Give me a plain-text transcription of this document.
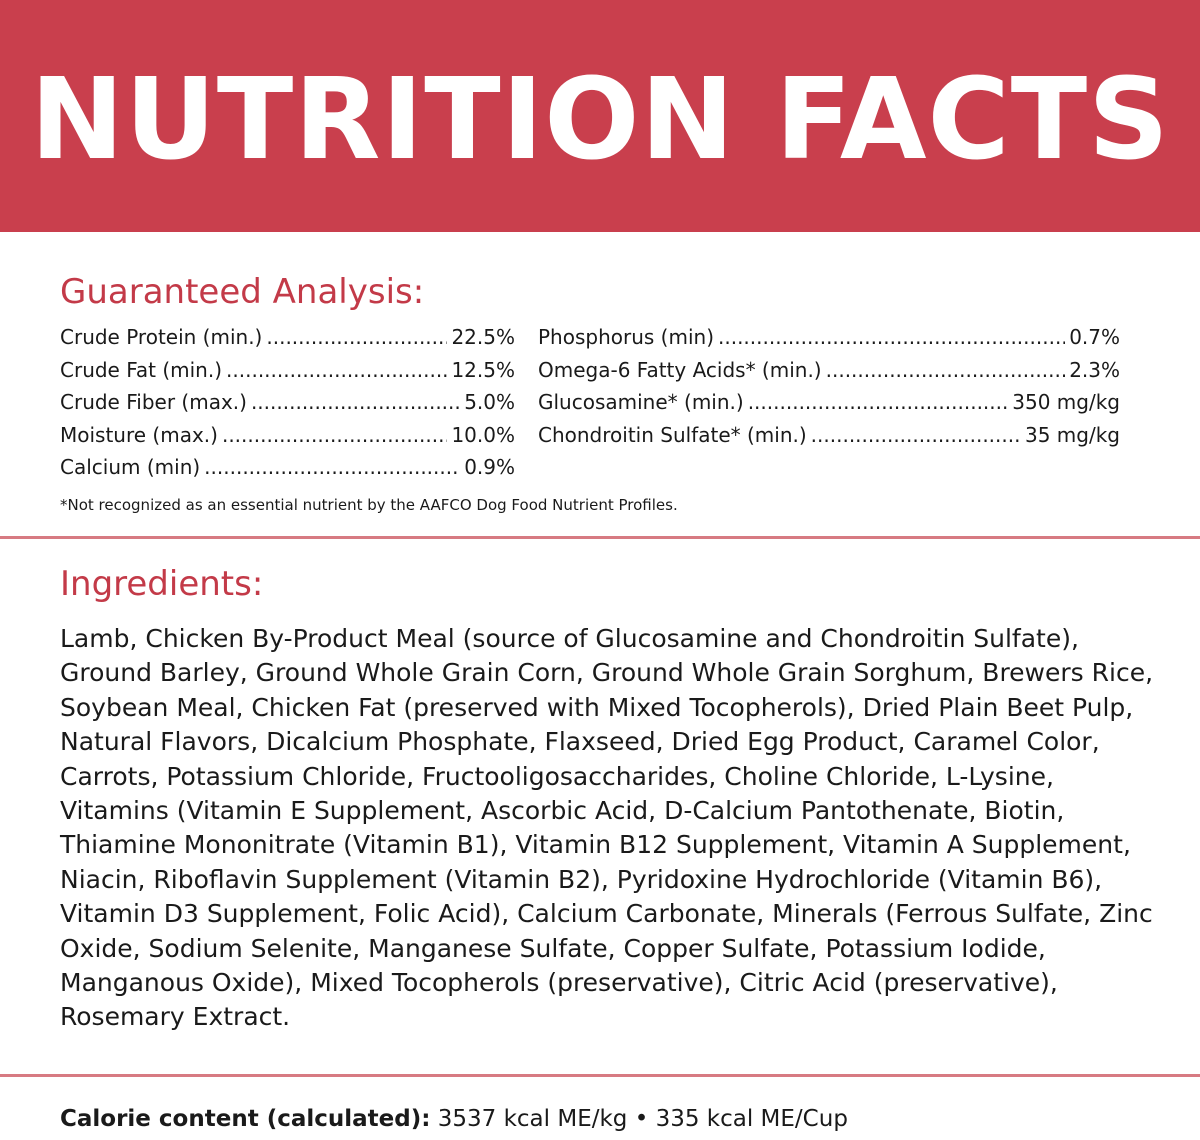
NUTRITION FACTS
Guaranteed Analysis:
Crude Protein (min.) .....	22.5%
Crude Fat (min.) .....	12.5%
Crude Fiber (max.) .....	5.0%
Moisture (max.) .....	10.0%
Calcium (min) .....	0.9%
Phosphorus (min) .....	0.7%
Omega-6 Fatty Acids* (min.) .....	2.3%
Glucosamine* (min.) .....	350 mg/kg
Chondroitin Sulfate* (min.) .....	35 mg/kg
*Not recognized as an essential nutrient by the AAFCO Dog Food Nutrient Profiles.
Ingredients:

Lamb, Chicken By-Product Meal (source of Glucosamine and Chondroitin Sulfate), Ground Barley, Ground Whole Grain Corn, Ground Whole Grain Sorghum, Brewers Rice, Soybean Meal, Chicken Fat (preserved with Mixed Tocopherols), Dried Plain Beet Pulp, Natural Flavors, Dicalcium Phosphate, Flaxseed, Dried Egg Product, Caramel Color, Carrots, Potassium Chloride, Fructooligosaccharides, Choline Chloride, L-Lysine, Vitamins (Vitamin E Supplement, Ascorbic Acid, D-Calcium Pantothenate, Biotin, Thiamine Mononitrate (Vitamin B1), Vitamin B12 Supplement, Vitamin A Supplement, Niacin, Riboflavin Supplement (Vitamin B2), Pyridoxine Hydrochloride (Vitamin B6), Vitamin D3 Supplement, Folic Acid), Calcium Carbonate, Minerals (Ferrous Sulfate, Zinc Oxide, Sodium Selenite, Manganese Sulfate, Copper Sulfate, Potassium Iodide, Manganous Oxide), Mixed Tocopherols (preservative), Citric Acid (preservative), Rosemary Extract.

Calorie content (calculated): 3537 kcal ME/kg • 335 kcal ME/Cup
